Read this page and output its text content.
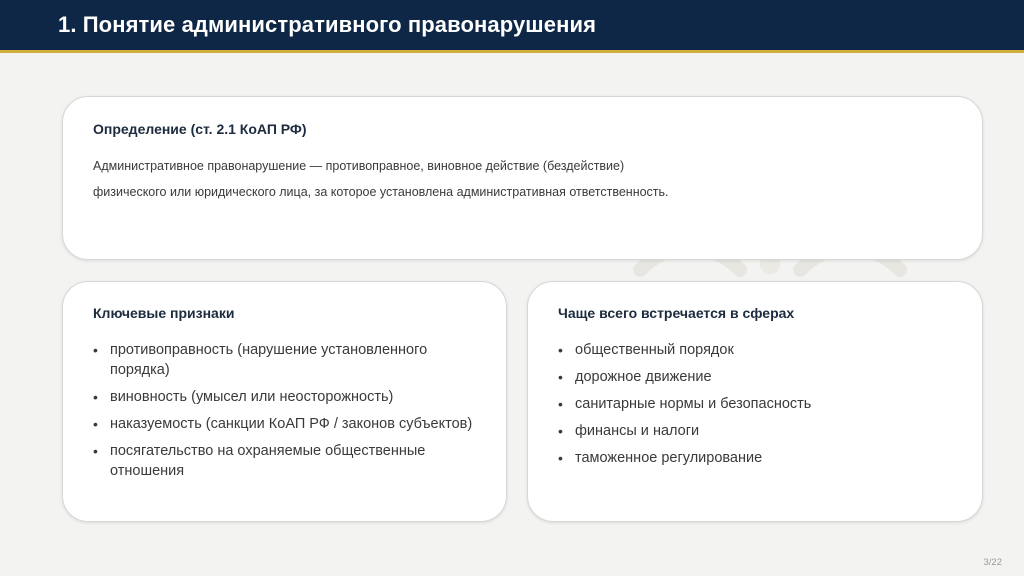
1. Понятие административного правонарушения
Определение (ст. 2.1 КоАП РФ)
Административное правонарушение — противоправное, виновное действие (бездействие)
физического или юридического лица, за которое установлена административная ответственность.
Ключевые признаки
• противоправность (нарушение установленного порядка)
• виновность (умысел или неосторожность)
• наказуемость (санкции КоАП РФ / законов субъектов)
• посягательство на охраняемые общественные отношения
Чаще всего встречается в сферах
• общественный порядок
• дорожное движение
• санитарные нормы и безопасность
• финансы и налоги
• таможенное регулирование
3/22
